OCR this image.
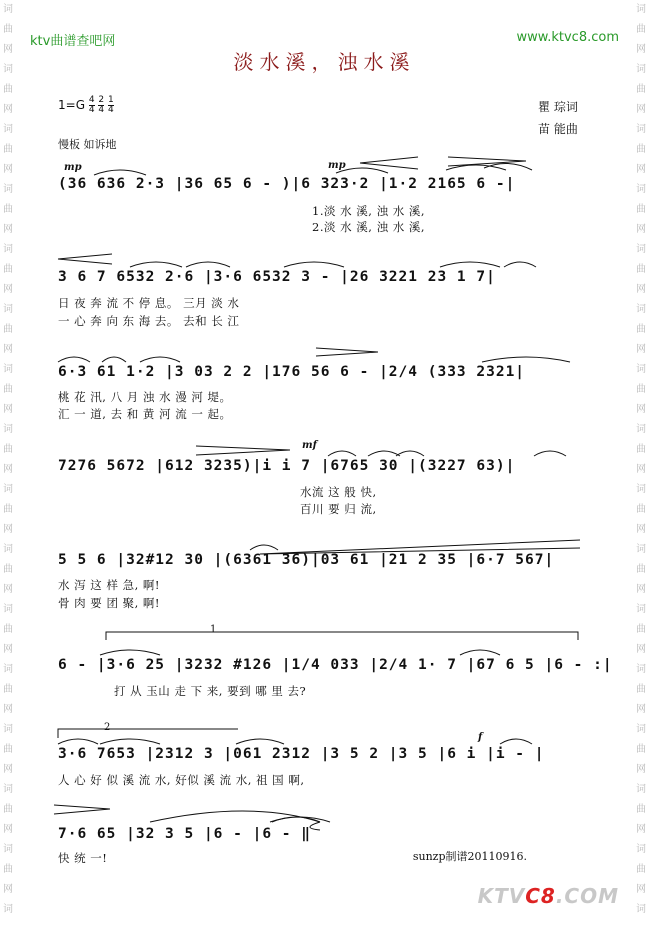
词
曲
网
词
曲
网
词
曲
网
词
曲
网
词
曲
网
词
曲
网
词
曲
网
词
曲
网
词
曲
网
词
曲
网
词
曲
网
词
曲
网
词
曲
网
词
曲
网
词
曲
网
词
词
曲
网
词
曲
网
词
曲
网
词
曲
网
词
曲
网
词
曲
网
词
曲
网
词
曲
网
词
曲
网
词
曲
网
词
曲
网
词
曲
网
词
曲
网
词
曲
网
词
曲
网
词
ktv曲谱查吧网	www.ktvc8.com
淡水溪，浊水溪
$1=G \frac{4}{4}$
$\frac{2}{4}$
$\frac{1}{4}$	瞿 琮词
苗 能曲
慢板 如诉地
mp	mp
mf
f
(36 636 2·3 |36 65 6 - )|6 323·2 |1·2 2165 6 -|
1.淡 水 溪, 浊 水 溪,
2.淡 水 溪, 浊 水 溪,
3 6 7 6532 2·6 |3·6 6532 3 - |26 3221 23 1 7|
日 夜 奔 流 不 停 息。 三月 淡 水
一 心 奔 向 东 海 去。 去和 长 江
6·3 61 1·2 |3 03 2 2 |176 56 6 - |2/4 (333 2321|
桃 花 汛, 八 月 浊 水 漫 河 堤。
汇 一 道, 去 和 黄 河 流 一 起。
7276 5672 |612 3235)|i i 7 |6765 30 |(3227 63)|
水流 这 般 快,
百川 要 归 流,
5 5 6 |32#12 30 |(6361 36)|03 61 |21 2 35 |6·7 567|
水 泻 这 样 急, 啊!
骨 肉 要 团 聚, 啊!
1
6 - |3·6 25 |3232 #126 |1/4 033 |2/4 1· 7 |67 6 5 |6 - :|
打 从 玉山 走 下 来, 要到 哪 里 去?
2
3·6 7653 |2312 3 |061 2312 |3 5 2 |3 5 |6 i |i - |
人 心 好 似 溪 流 水, 好似 溪 流 水, 祖 国 啊,
7·6 65 |32 3 5 |6 - |6 - ‖
快 统 一!	sunzp制谱20110916.
KTVC8.COM
